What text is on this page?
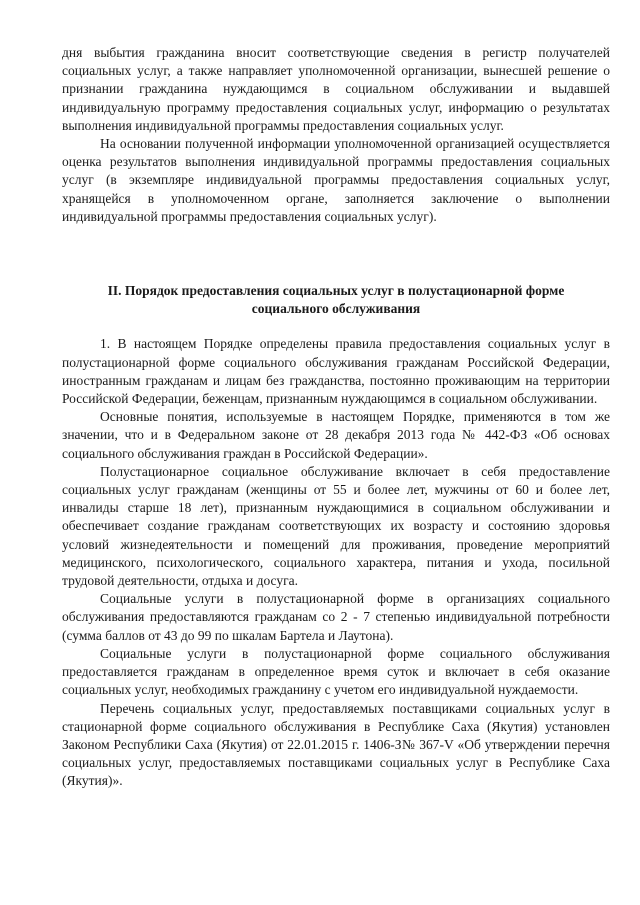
дня выбытия гражданина вносит соответствующие сведения в регистр получателей социальных услуг, а также направляет уполномоченной организации, вынесшей решение о признании гражданина нуждающимся в социальном обслуживании и выдавшей индивидуальную программу предоставления социальных услуг, информацию о результатах выполнения индивидуальной программы предоставления социальных услуг.

На основании полученной информации уполномоченной организацией осуществляется оценка результатов выполнения индивидуальной программы предоставления социальных услуг (в экземпляре индивидуальной программы предоставления социальных услуг, хранящейся в уполномоченном органе, заполняется заключение о выполнении индивидуальной программы предоставления социальных услуг).

II. Порядок предоставления социальных услуг в полустационарной форме
социального обслуживания

1. В настоящем Порядке определены правила предоставления социальных услуг в полустационарной форме социального обслуживания гражданам Российской Федерации, иностранным гражданам и лицам без гражданства, постоянно проживающим на территории Российской Федерации, беженцам, признанным нуждающимся в социальном обслуживании.

Основные понятия, используемые в настоящем Порядке, применяются в том же значении, что и в Федеральном законе от 28 декабря 2013 года № 442-ФЗ «Об основах социального обслуживания граждан в Российской Федерации».

Полустационарное социальное обслуживание включает в себя предоставление социальных услуг гражданам (женщины от 55 и более лет, мужчины от 60 и более лет, инвалиды старше 18 лет), признанным нуждающимися в социальном обслуживании и обеспечивает создание гражданам соответствующих их возрасту и состоянию здоровья условий жизнедеятельности и помещений для проживания, проведение мероприятий медицинского, психологического, социального характера, питания и ухода, посильной трудовой деятельности, отдыха и досуга.

Социальные услуги в полустационарной форме в организациях социального обслуживания предоставляются гражданам со 2 - 7 степенью индивидуальной потребности (сумма баллов от 43 до 99 по шкалам Бартела и Лаутона).

Социальные услуги в полустационарной форме социального обслуживания предоставляется гражданам в определенное время суток и включает в себя оказание социальных услуг, необходимых гражданину с учетом его индивидуальной нуждаемости.

Перечень социальных услуг, предоставляемых поставщиками социальных услуг в стационарной форме социального обслуживания в Республике Саха (Якутия) установлен Законом Республики Саха (Якутия) от 22.01.2015 г. 1406-З№ 367-V «Об утверждении перечня социальных услуг, предоставляемых поставщиками социальных услуг в Республике Саха (Якутия)».
